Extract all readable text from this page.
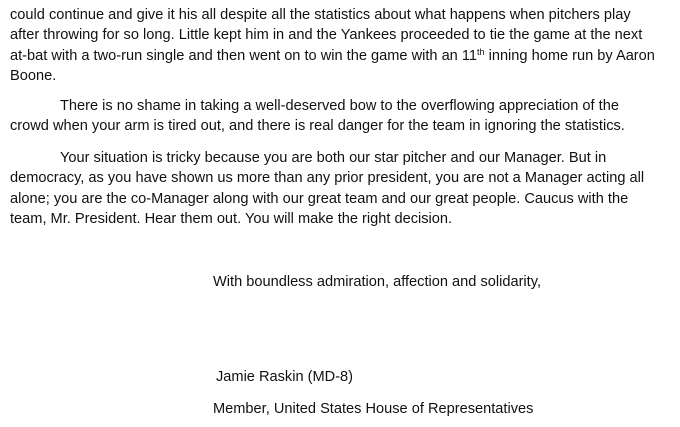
could continue and give it his all despite all the statistics about what happens when pitchers play
after throwing for so long. Little kept him in and the Yankees proceeded to tie the game at the next
at-bat with a two-run single and then went on to win the game with an 11th inning home run by Aaron
Boone.

There is no shame in taking a well-deserved bow to the overflowing appreciation of the
crowd when your arm is tired out, and there is real danger for the team in ignoring the statistics.

Your situation is tricky because you are both our star pitcher and our Manager. But in
democracy, as you have shown us more than any prior president, you are not a Manager acting all
alone; you are the co-Manager along with our great team and our great people. Caucus with the
team, Mr. President. Hear them out. You will make the right decision.

With boundless admiration, affection and solidarity,
Jamie Raskin (MD-8)
Member, United States House of Representatives
